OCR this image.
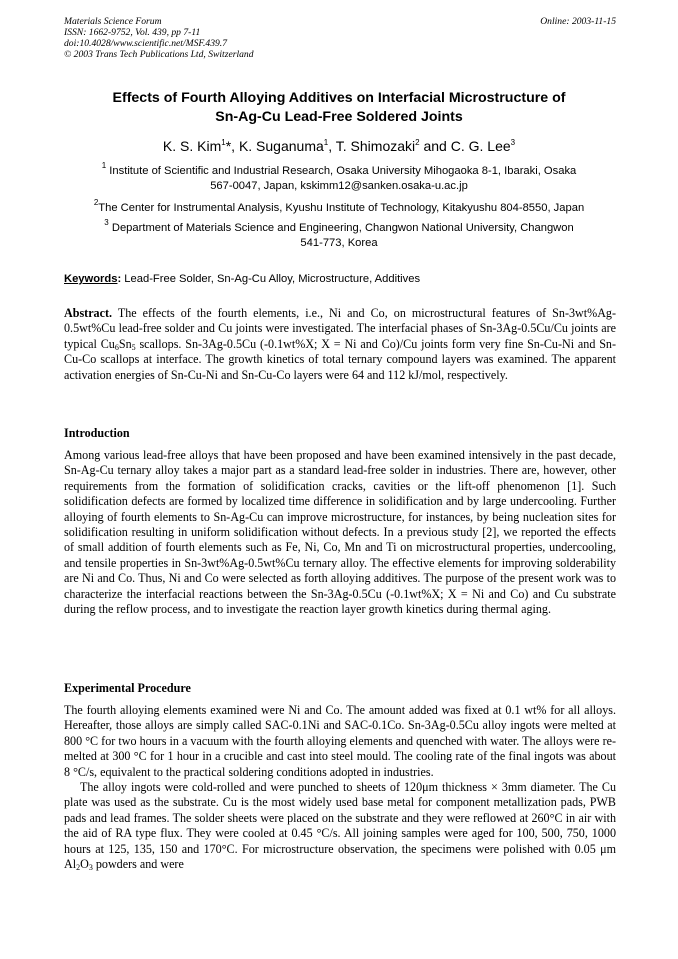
Materials Science Forum
ISSN: 1662-9752, Vol. 439, pp 7-11
doi:10.4028/www.scientific.net/MSF.439.7
© 2003 Trans Tech Publications Ltd, Switzerland
Online: 2003-11-15
Effects of Fourth Alloying Additives on Interfacial Microstructure of
Sn-Ag-Cu Lead-Free Soldered Joints
K. S. Kim$^1$*, K. Suganuma$^1$, T. Shimozaki$^2$ and C. G. Lee$^3$
$^1$ Institute of Scientific and Industrial Research, Osaka University Mihogaoka 8-1, Ibaraki, Osaka
567-0047, Japan, kskimm12@sanken.osaka-u.ac.jp
$^2$The Center for Instrumental Analysis, Kyushu Institute of Technology, Kitakyushu 804-8550, Japan
$^3$ Department of Materials Science and Engineering, Changwon National University, Changwon
541-773, Korea
Keywords: Lead-Free Solder, Sn-Ag-Cu Alloy, Microstructure, Additives
Abstract. The effects of the fourth elements, i.e., Ni and Co, on microstructural features of Sn-3wt%Ag-0.5wt%Cu lead-free solder and Cu joints were investigated. The interfacial phases of Sn-3Ag-0.5Cu/Cu joints are typical $Cu_6Sn_5$ scallops. Sn-3Ag-0.5Cu (-0.1wt%X; X = Ni and Co)/Cu joints form very fine Sn-Cu-Ni and Sn-Cu-Co scallops at interface. The growth kinetics of total ternary compound layers was examined. The apparent activation energies of Sn-Cu-Ni and Sn-Cu-Co layers were 64 and 112 kJ/mol, respectively.
Introduction
Among various lead-free alloys that have been proposed and have been examined intensively in the past decade, Sn-Ag-Cu ternary alloy takes a major part as a standard lead-free solder in industries. There are, however, other requirements from the formation of solidification cracks, cavities or the lift-off phenomenon [1]. Such solidification defects are formed by localized time difference in solidification and by large undercooling. Further alloying of fourth elements to Sn-Ag-Cu can improve microstructure, for instances, by being nucleation sites for solidification resulting in uniform solidification without defects. In a previous study [2], we reported the effects of small addition of fourth elements such as Fe, Ni, Co, Mn and Ti on microstructural properties, undercooling, and tensile properties in Sn-3wt%Ag-0.5wt%Cu ternary alloy. The effective elements for improving solderability are Ni and Co. Thus, Ni and Co were selected as forth alloying additives. The purpose of the present work was to characterize the interfacial reactions between the Sn-3Ag-0.5Cu (-0.1wt%X; X = Ni and Co) and Cu substrate during the reflow process, and to investigate the reaction layer growth kinetics during thermal aging.
Experimental Procedure

The fourth alloying elements examined were Ni and Co. The amount added was fixed at 0.1 wt% for all alloys. Hereafter, those alloys are simply called SAC-0.1Ni and SAC-0.1Co. Sn-3Ag-0.5Cu alloy ingots were melted at 800 °C for two hours in a vacuum with the fourth alloying elements and quenched with water. The alloys were re-melted at 300 °C for 1 hour in a crucible and cast into steel mould. The cooling rate of the final ingots was about 8 °C/s, equivalent to the practical soldering conditions adopted in industries.

The alloy ingots were cold-rolled and were punched to sheets of 120μm thickness × 3mm diameter. The Cu plate was used as the substrate. Cu is the most widely used base metal for component metallization pads, PWB pads and lead frames. The solder sheets were placed on the substrate and they were reflowed at 260°C in air with the aid of RA type flux. They were cooled at 0.45 °C/s. All joining samples were aged for 100, 500, 750, 1000 hours at 125, 135, 150 and 170°C. For microstructure observation, the specimens were polished with 0.05 μm $Al_2O_3$ powders and were
